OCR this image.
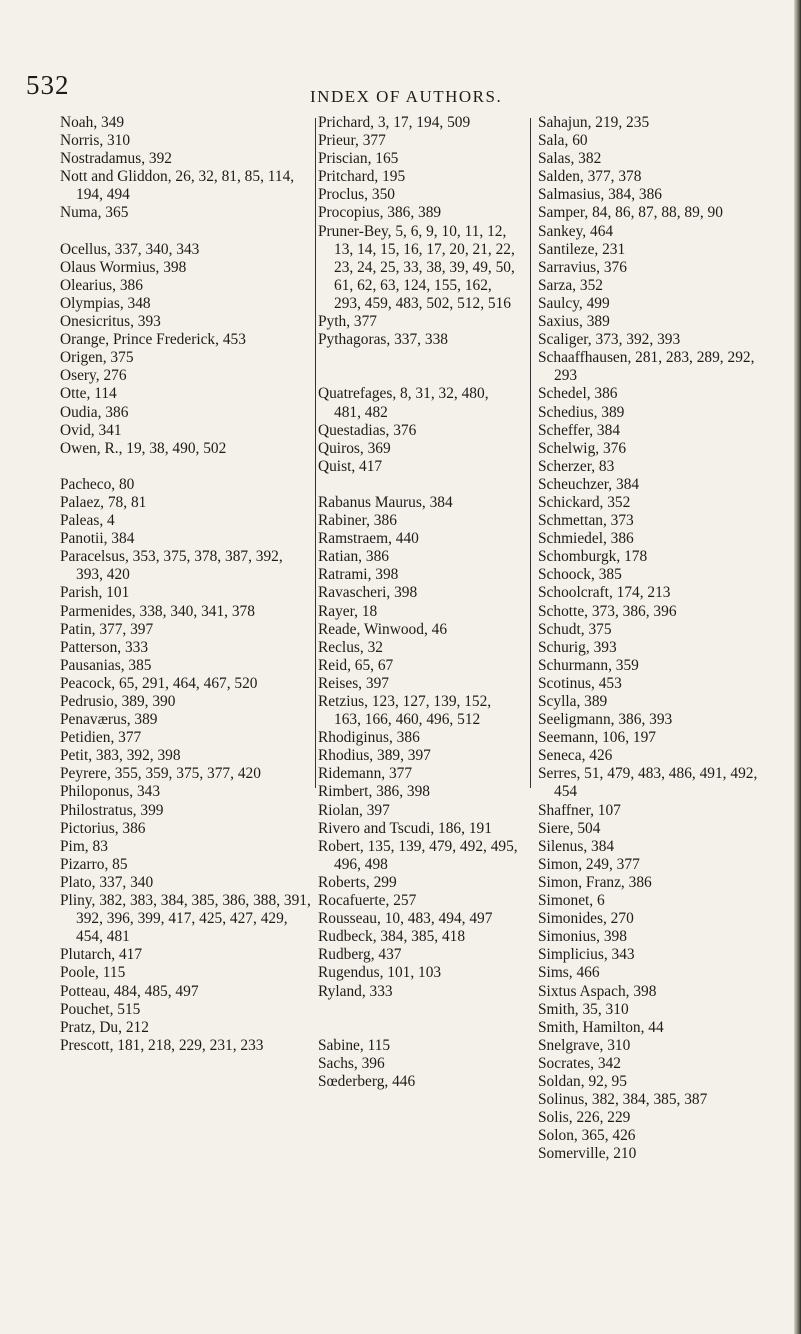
532	INDEX OF AUTHORS.
Noah, 349
Norris, 310
Nostradamus, 392
Nott and Gliddon, 26, 32, 81, 85, 114, 194, 494
Numa, 365
Ocellus, 337, 340, 343
Olaus Wormius, 398
Olearius, 386
Olympias, 348
Onesicritus, 393
Orange, Prince Frederick, 453
Origen, 375
Osery, 276
Otte, 114
Oudia, 386
Ovid, 341
Owen, R., 19, 38, 490, 502
Pacheco, 80
Palaez, 78, 81
Paleas, 4
Panotii, 384
Paracelsus, 353, 375, 378, 387, 392, 393, 420
Parish, 101
Parmenides, 338, 340, 341, 378
Patin, 377, 397
Patterson, 333
Pausanias, 385
Peacock, 65, 291, 464, 467, 520
Pedrusio, 389, 390
Penaværus, 389
Petidien, 377
Petit, 383, 392, 398
Peyrere, 355, 359, 375, 377, 420
Philoponus, 343
Philostratus, 399
Pictorius, 386
Pim, 83
Pizarro, 85
Plato, 337, 340
Pliny, 382, 383, 384, 385, 386, 388, 391, 392, 396, 399, 417, 425, 427, 429, 454, 481
Plutarch, 417
Poole, 115
Potteau, 484, 485, 497
Pouchet, 515
Pratz, Du, 212
Prescott, 181, 218, 229, 231, 233
Prichard, 3, 17, 194, 509
Prieur, 377
Priscian, 165
Pritchard, 195
Proclus, 350
Procopius, 386, 389
Pruner-Bey, 5, 6, 9, 10, 11, 12, 13, 14, 15, 16, 17, 20, 21, 22, 23, 24, 25, 33, 38, 39, 49, 50, 61, 62, 63, 124, 155, 162, 293, 459, 483, 502, 512, 516
Pyth, 377
Pythagoras, 337, 338
Quatrefages, 8, 31, 32, 480, 481, 482
Questadias, 376
Quiros, 369
Quist, 417
Rabanus Maurus, 384
Rabiner, 386
Ramstraem, 440
Ratian, 386
Ratrami, 398
Ravascheri, 398
Rayer, 18
Reade, Winwood, 46
Reclus, 32
Reid, 65, 67
Reises, 397
Retzius, 123, 127, 139, 152, 163, 166, 460, 496, 512
Rhodiginus, 386
Rhodius, 389, 397
Ridemann, 377
Rimbert, 386, 398
Riolan, 397
Rivero and Tscudi, 186, 191
Robert, 135, 139, 479, 492, 495, 496, 498
Roberts, 299
Rocafuerte, 257
Rousseau, 10, 483, 494, 497
Rudbeck, 384, 385, 418
Rudberg, 437
Rugendus, 101, 103
Ryland, 333
Sabine, 115
Sachs, 396
Sœderberg, 446
Sahajun, 219, 235
Sala, 60
Salas, 382
Salden, 377, 378
Salmasius, 384, 386
Samper, 84, 86, 87, 88, 89, 90
Sankey, 464
Santileze, 231
Sarravius, 376
Sarza, 352
Saulcy, 499
Saxius, 389
Scaliger, 373, 392, 393
Schaaffhausen, 281, 283, 289, 292, 293
Schedel, 386
Schedius, 389
Scheffer, 384
Schelwig, 376
Scherzer, 83
Scheuchzer, 384
Schickard, 352
Schmettan, 373
Schmiedel, 386
Schomburgk, 178
Schoock, 385
Schoolcraft, 174, 213
Schotte, 373, 386, 396
Schudt, 375
Schurig, 393
Schurmann, 359
Scotinus, 453
Scylla, 389
Seeligmann, 386, 393
Seemann, 106, 197
Seneca, 426
Serres, 51, 479, 483, 486, 491, 492, 454
Shaffner, 107
Siere, 504
Silenus, 384
Simon, 249, 377
Simon, Franz, 386
Simonet, 6
Simonides, 270
Simonius, 398
Simplicius, 343
Sims, 466
Sixtus Aspach, 398
Smith, 35, 310
Smith, Hamilton, 44
Snelgrave, 310
Socrates, 342
Soldan, 92, 95
Solinus, 382, 384, 385, 387
Solis, 226, 229
Solon, 365, 426
Somerville, 210
